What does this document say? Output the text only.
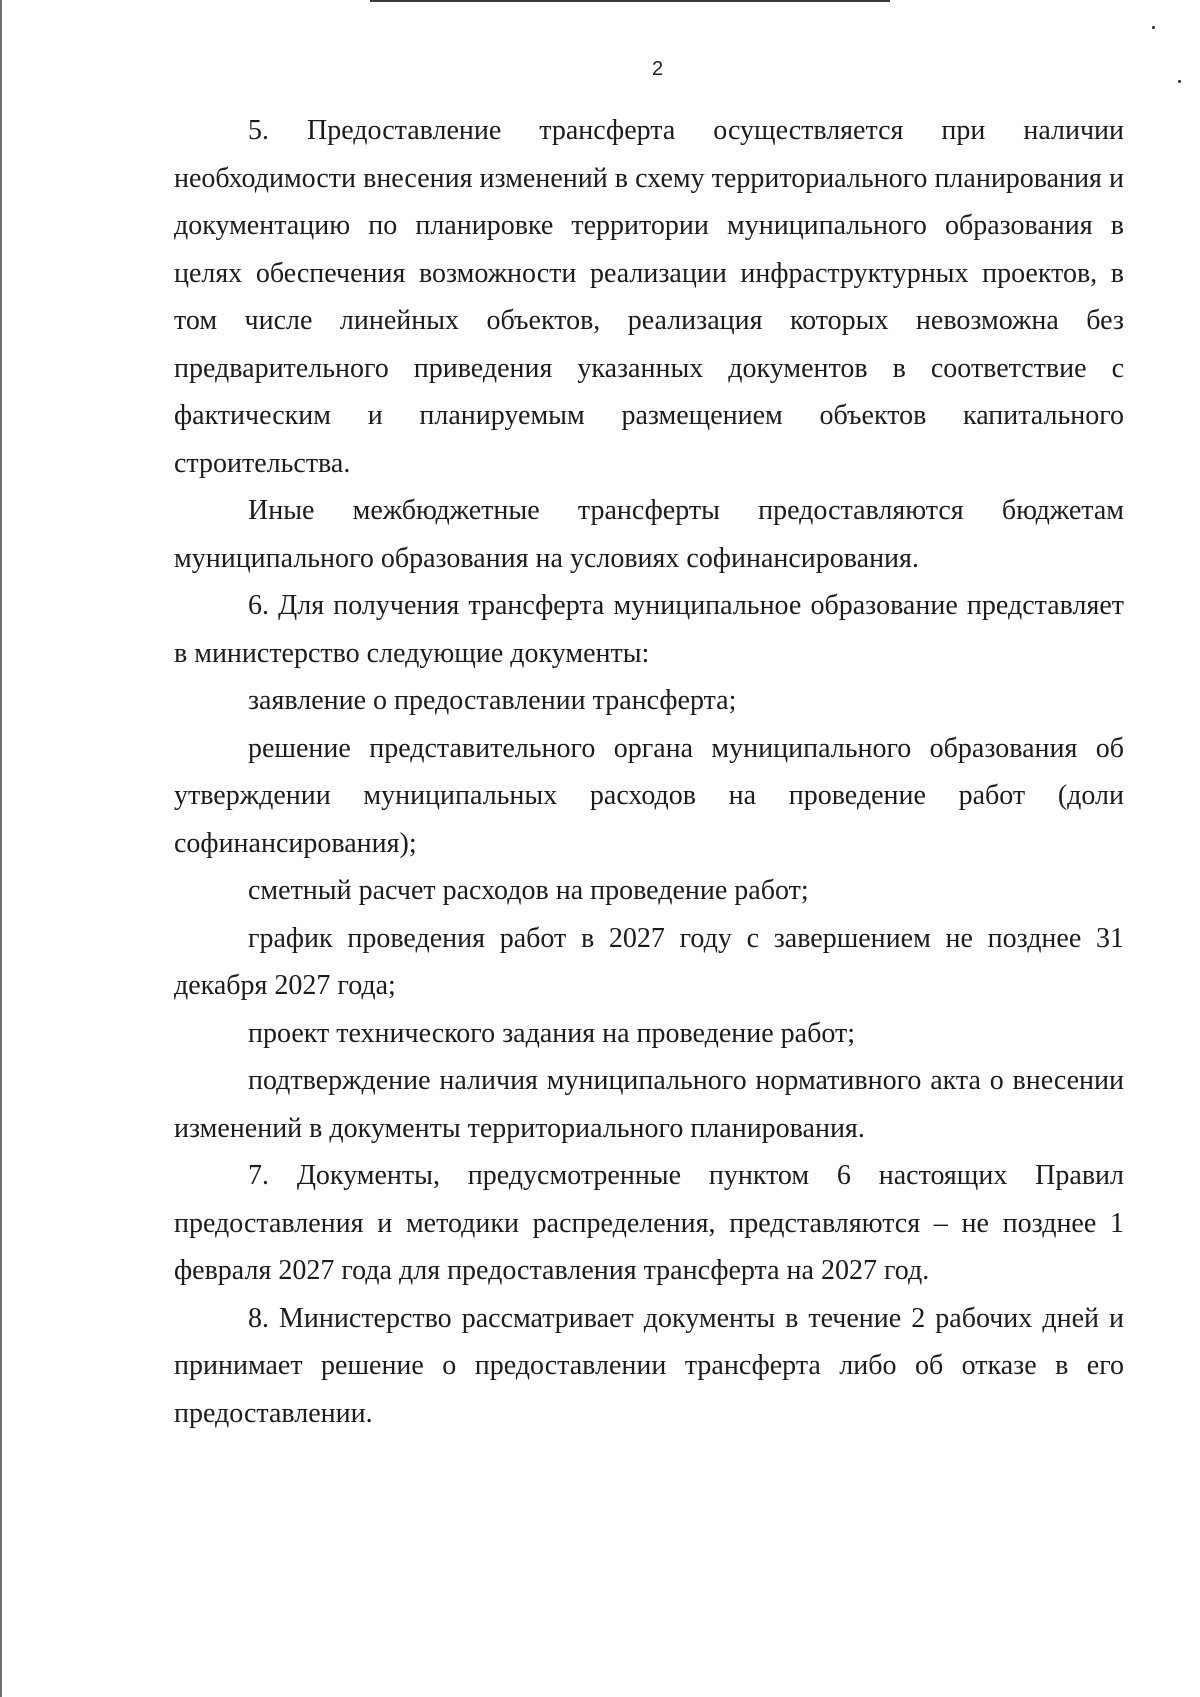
2

5. Предоставление трансферта осуществляется при наличии необходимости внесения изменений в схему территориального планирования и документацию по планировке территории муниципального образования в целях обеспечения возможности реализации инфраструктурных проектов, в том числе линейных объектов, реализация которых невозможна без предварительного приведения указанных документов в соответствие с фактическим и планируемым размещением объектов капитального строительства.

Иные межбюджетные трансферты предоставляются бюджетам муниципального образования на условиях софинансирования.

6. Для получения трансферта муниципальное образование представляет в министерство следующие документы:

заявление о предоставлении трансферта;

решение представительного органа муниципального образования об утверждении муниципальных расходов на проведение работ (доли софинансирования);

сметный расчет расходов на проведение работ;

график проведения работ в 2027 году с завершением не позднее 31 декабря 2027 года;

проект технического задания на проведение работ;

подтверждение наличия муниципального нормативного акта о внесении изменений в документы территориального планирования.

7. Документы, предусмотренные пунктом 6 настоящих Правил предоставления и методики распределения, представляются – не позднее 1 февраля 2027 года для предоставления трансферта на 2027 год.

8. Министерство рассматривает документы в течение 2 рабочих дней и принимает решение о предоставлении трансферта либо об отказе в его предоставлении.
